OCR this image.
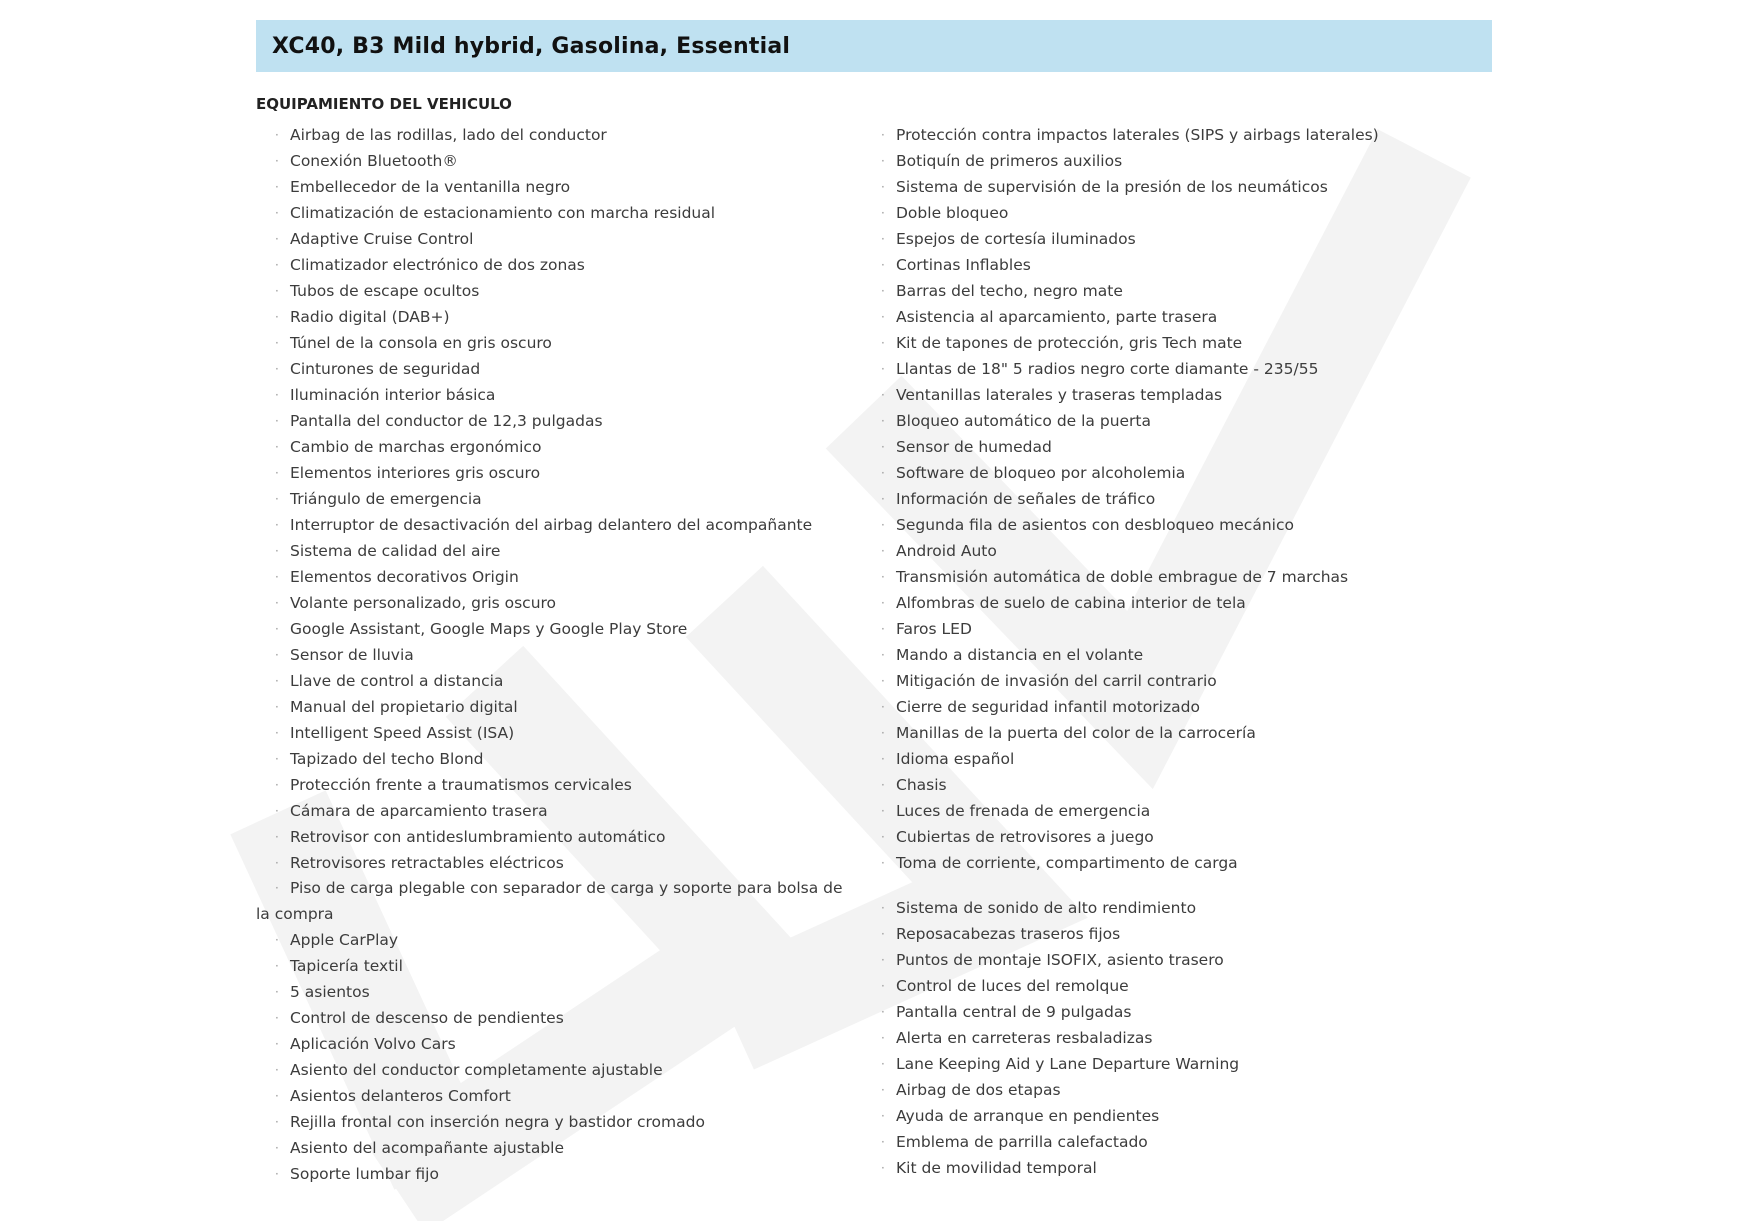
XC40, B3 Mild hybrid, Gasolina, Essential
EQUIPAMIENTO DEL VEHICULO
· Airbag de las rodillas, lado del conductor
· Conexión Bluetooth®
· Embellecedor de la ventanilla negro
· Climatización de estacionamiento con marcha residual
· Adaptive Cruise Control
· Climatizador electrónico de dos zonas
· Tubos de escape ocultos
· Radio digital (DAB+)
· Túnel de la consola en gris oscuro
· Cinturones de seguridad
· Iluminación interior básica
· Pantalla del conductor de 12,3 pulgadas
· Cambio de marchas ergonómico
· Elementos interiores gris oscuro
· Triángulo de emergencia
· Interruptor de desactivación del airbag delantero del acompañante
· Sistema de calidad del aire
· Elementos decorativos Origin
· Volante personalizado, gris oscuro
· Google Assistant, Google Maps y Google Play Store
· Sensor de lluvia
· Llave de control a distancia
· Manual del propietario digital
· Intelligent Speed Assist (ISA)
· Tapizado del techo Blond
· Protección frente a traumatismos cervicales
· Cámara de aparcamiento trasera
· Retrovisor con antideslumbramiento automático
· Retrovisores retractables eléctricos
· Piso de carga plegable con separador de carga y soporte para bolsa de la compra
· Apple CarPlay
· Tapicería textil
· 5 asientos
· Control de descenso de pendientes
· Aplicación Volvo Cars
· Asiento del conductor completamente ajustable
· Asientos delanteros Comfort
· Rejilla frontal con inserción negra y bastidor cromado
· Asiento del acompañante ajustable
· Soporte lumbar fijo
· Protección contra impactos laterales (SIPS y airbags laterales)
· Botiquín de primeros auxilios
· Sistema de supervisión de la presión de los neumáticos
· Doble bloqueo
· Espejos de cortesía iluminados
· Cortinas Inflables
· Barras del techo, negro mate
· Asistencia al aparcamiento, parte trasera
· Kit de tapones de protección, gris Tech mate
· Llantas de 18" 5 radios negro corte diamante - 235/55
· Ventanillas laterales y traseras templadas
· Bloqueo automático de la puerta
· Sensor de humedad
· Software de bloqueo por alcoholemia
· Información de señales de tráfico
· Segunda fila de asientos con desbloqueo mecánico
· Android Auto
· Transmisión automática de doble embrague de 7 marchas
· Alfombras de suelo de cabina interior de tela
· Faros LED
· Mando a distancia en el volante
· Mitigación de invasión del carril contrario
· Cierre de seguridad infantil motorizado
· Manillas de la puerta del color de la carrocería
· Idioma español
· Chasis
· Luces de frenada de emergencia
· Cubiertas de retrovisores a juego
· Toma de corriente, compartimento de carga
· Sistema de sonido de alto rendimiento
· Reposacabezas traseros fijos
· Puntos de montaje ISOFIX, asiento trasero
· Control de luces del remolque
· Pantalla central de 9 pulgadas
· Alerta en carreteras resbaladizas
· Lane Keeping Aid y Lane Departure Warning
· Airbag de dos etapas
· Ayuda de arranque en pendientes
· Emblema de parrilla calefactado
· Kit de movilidad temporal
